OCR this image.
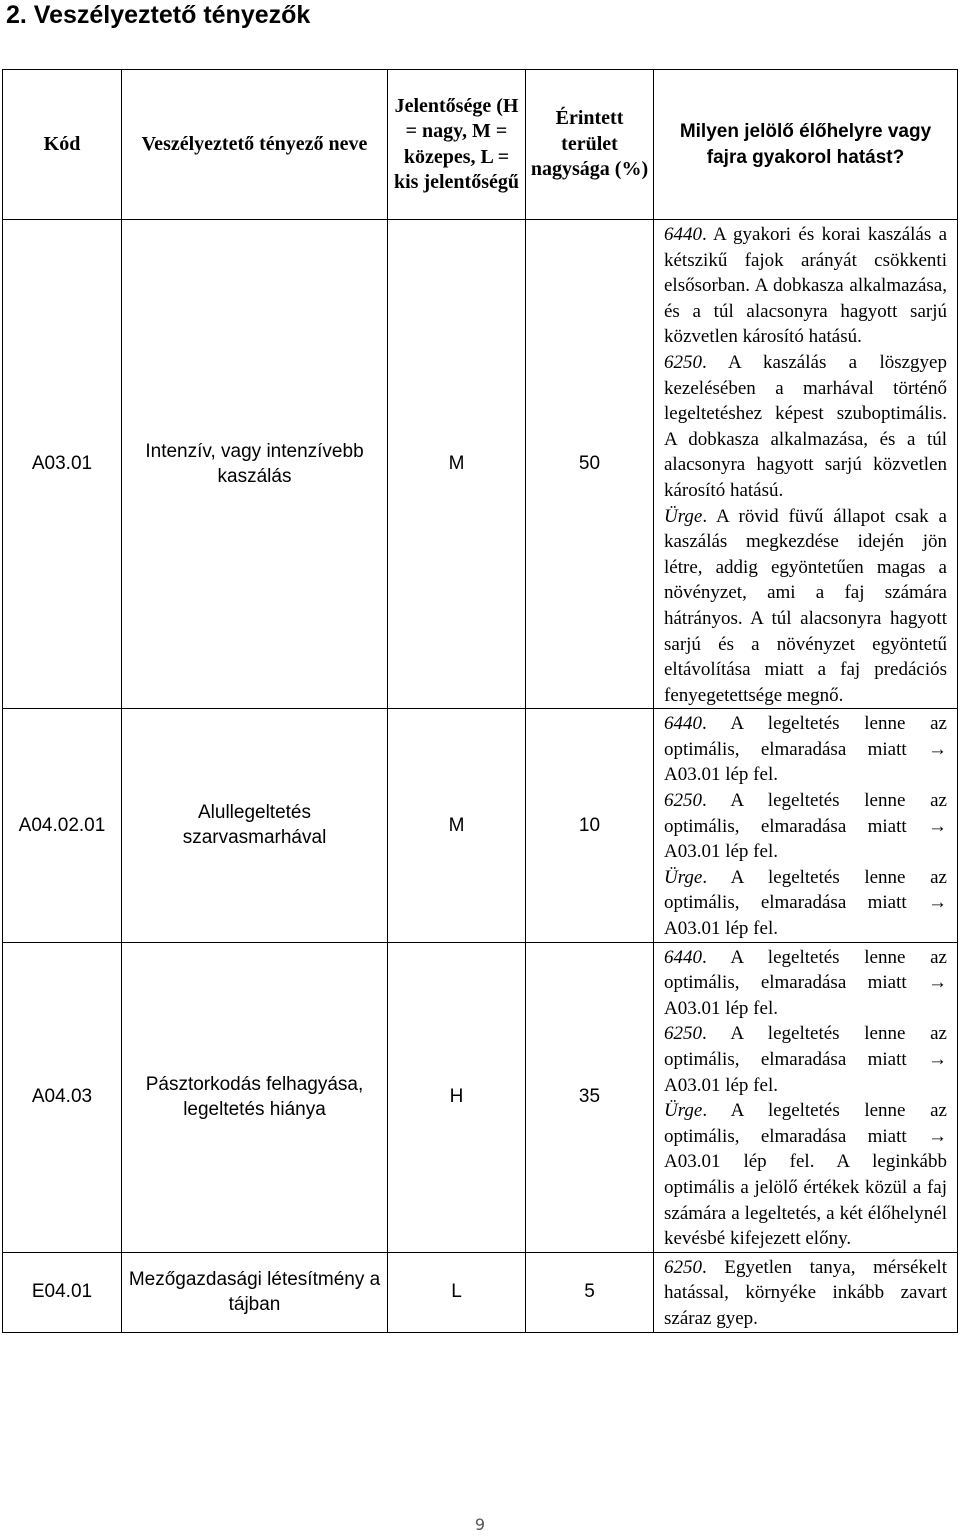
2. Veszélyeztető tényezők
Kód	Veszélyeztető tényező neve	Jelentősége (H = nagy, M = közepes, L = kis jelentőségű	Érintett terület nagysága (%)	Milyen jelölő élőhelyre vagy fajra gyakorol hatást?
A03.01	Intenzív, vagy intenzívebb kaszálás	M	50	6440. A gyakori és korai kaszálás a kétszikű fajok arányát csökkenti elsősorban. A dobkasza alkalmazása, és a túl alacsonyra hagyott sarjú közvetlen károsító hatású.
6250. A kaszálás a löszgyep kezelésében a marhával történő legeltetéshez képest szuboptimális. A dobkasza alkalmazása, és a túl alacsonyra hagyott sarjú közvetlen károsító hatású.
Ürge. A rövid füvű állapot csak a kaszálás megkezdése idején jön létre, addig egyöntetűen magas a növényzet, ami a faj számára hátrányos. A túl alacsonyra hagyott sarjú és a növényzet egyöntetű eltávolítása miatt a faj predációs fenyegetettsége megnő.

A04.02.01	Alullegeltetés szarvasmarhával	M	10	6440. A legeltetés lenne az optimális, elmaradása miatt → A03.01 lép fel.
6250. A legeltetés lenne az optimális, elmaradása miatt → A03.01 lép fel.
Ürge. A legeltetés lenne az optimális, elmaradása miatt → A03.01 lép fel.

A04.03	Pásztorkodás felhagyása, legeltetés hiánya	H	35	6440. A legeltetés lenne az optimális, elmaradása miatt → A03.01 lép fel.
6250. A legeltetés lenne az optimális, elmaradása miatt → A03.01 lép fel.
Ürge. A legeltetés lenne az optimális, elmaradása miatt → A03.01 lép fel. A leginkább optimális a jelölő értékek közül a faj számára a legeltetés, a két élőhelynél kevésbé kifejezett előny.

E04.01	Mezőgazdasági létesítmény a tájban	L	5	6250. Egyetlen tanya, mérsékelt hatással, környéke inkább zavart száraz gyep.
9
